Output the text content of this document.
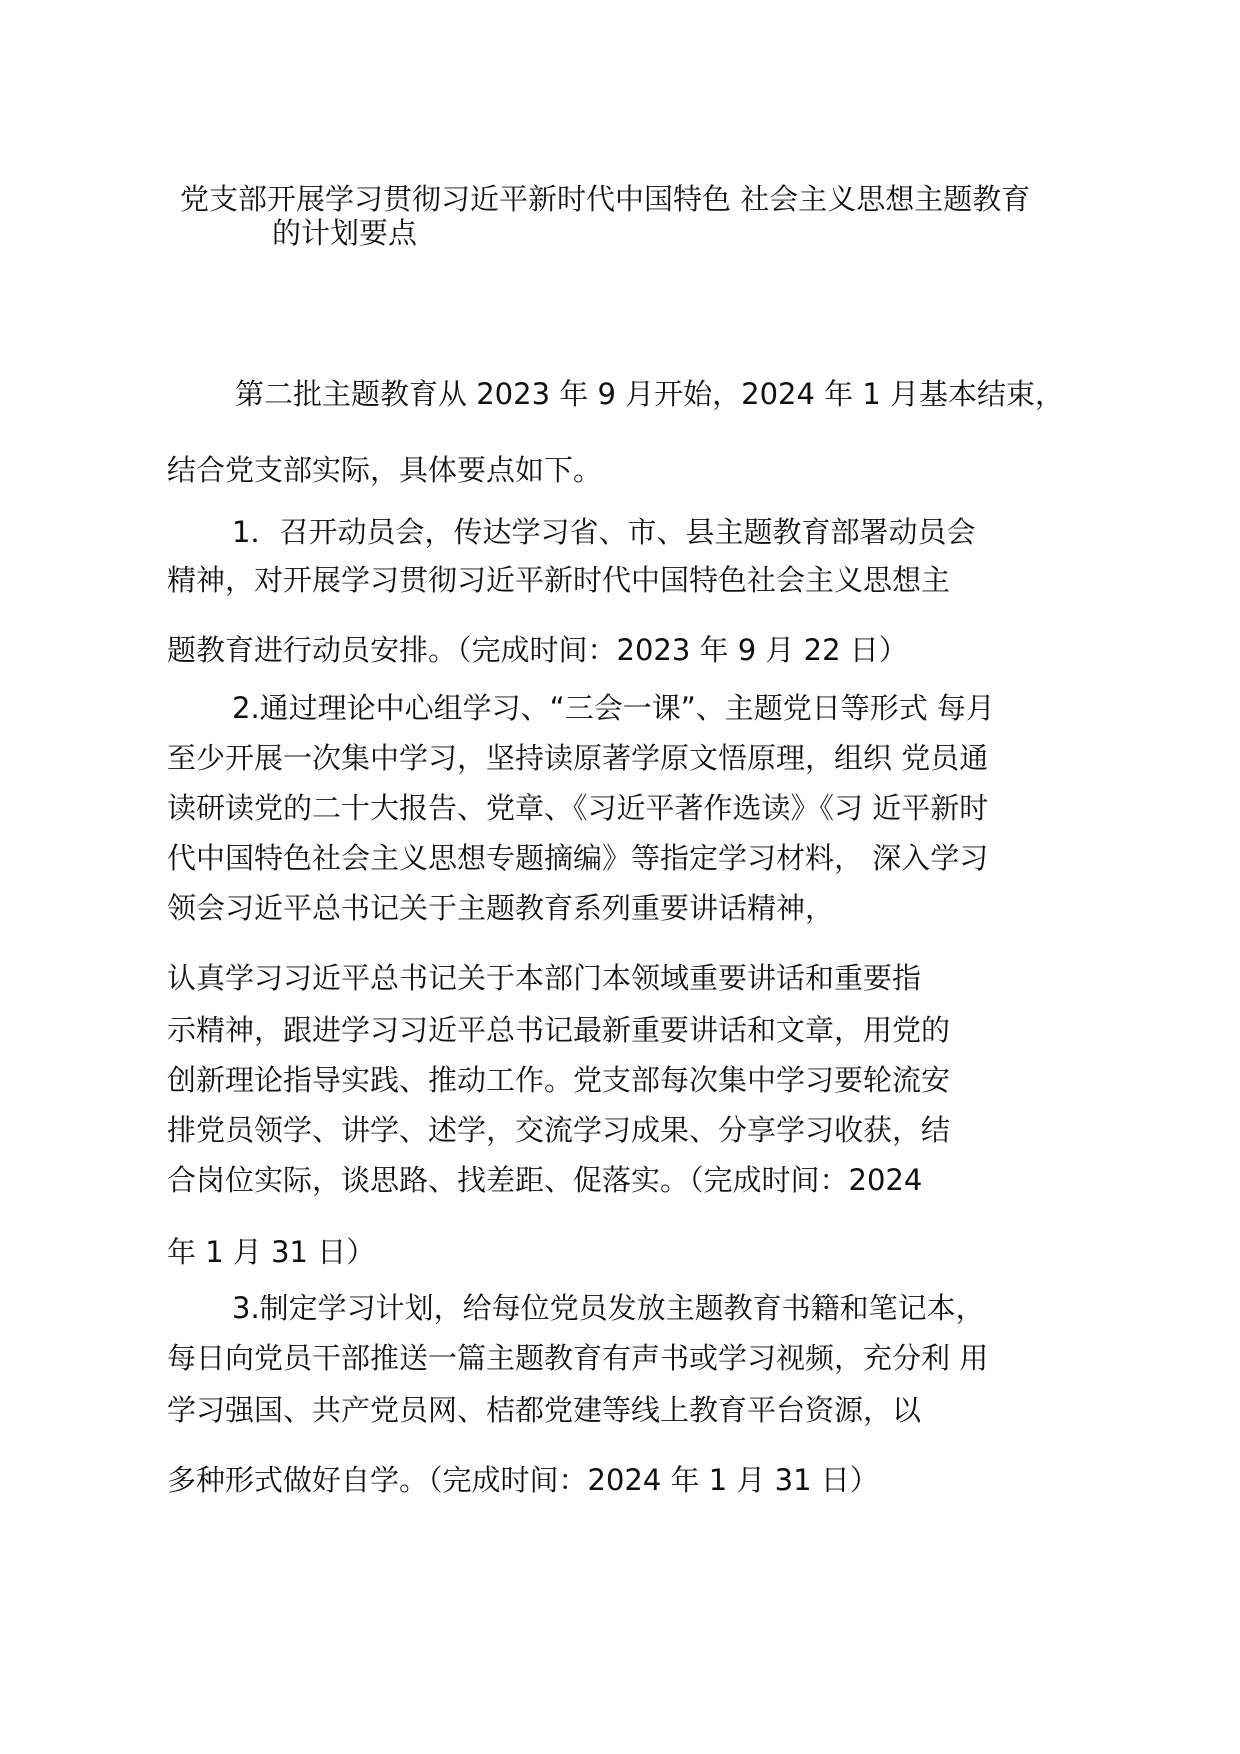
党支部开展学习贯彻习近平新时代中国特色 社会主义思想主题教育
的计划要点
第二批主题教育从 2023 年 9 月开始，2024 年 1 月基本结束，
结合党支部实际，具体要点如下。
1．召开动员会，传达学习省、市、县主题教育部署动员会
精神，对开展学习贯彻习近平新时代中国特色社会主义思想主
题教育进行动员安排。（完成时间：2023 年 9 月 22 日）
2.通过理论中心组学习、“三会一课”、主题党日等形式 每月
至少开展一次集中学习，坚持读原著学原文悟原理，组织 党员通
读研读党的二十大报告、党章、《习近平著作选读》《习 近平新时
代中国特色社会主义思想专题摘编》等指定学习材料， 深入学习
领会习近平总书记关于主题教育系列重要讲话精神，
认真学习习近平总书记关于本部门本领域重要讲话和重要指
示精神，跟进学习习近平总书记最新重要讲话和文章，用党的
创新理论指导实践、推动工作。党支部每次集中学习要轮流安
排党员领学、讲学、述学，交流学习成果、分享学习收获，结
合岗位实际，谈思路、找差距、促落实。（完成时间：2024
年 1 月 31 日）
3.制定学习计划，给每位党员发放主题教育书籍和笔记本，
每日向党员干部推送一篇主题教育有声书或学习视频，充分利 用
学习强国、共产党员网、桔都党建等线上教育平台资源，以
多种形式做好自学。（完成时间：2024 年 1 月 31 日）
